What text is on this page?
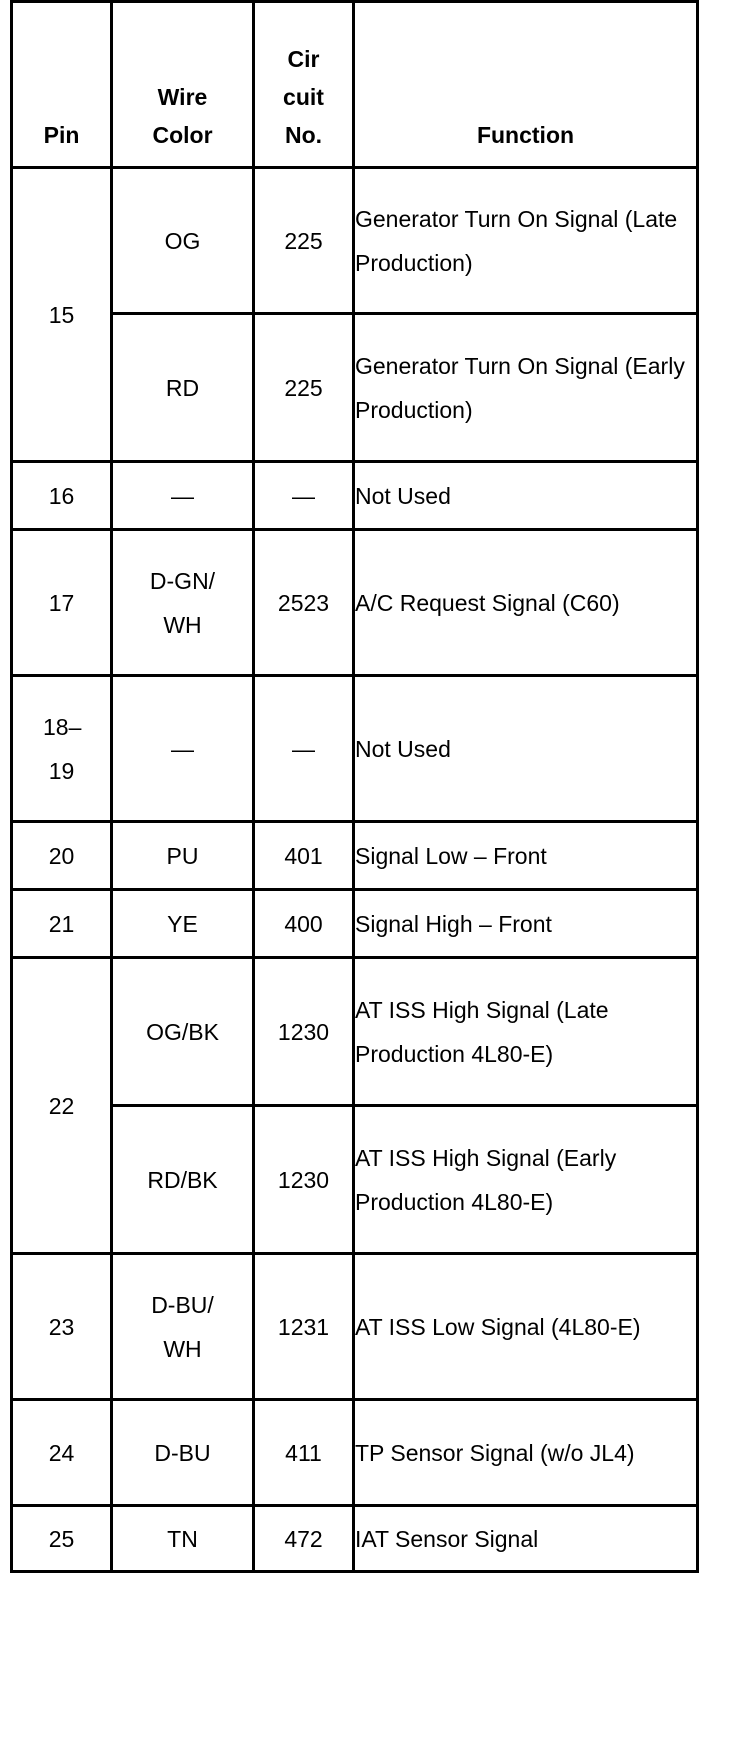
Pin	Wire Color	Cir cuit No.	Function
15	OG	225	Generator Turn On Signal (Late Production)
	RD	225	Generator Turn On Signal (Early Production)
16	—	—	Not Used
17	D-GN/ WH	2523	A/C Request Signal (C60)
18– 19	—	—	Not Used
20	PU	401	Signal Low – Front
21	YE	400	Signal High – Front
22	OG/BK	1230	AT ISS High Signal (Late Production 4L80-E)
	RD/BK	1230	AT ISS High Signal (Early Production 4L80-E)
23	D-BU/ WH	1231	AT ISS Low Signal (4L80-E)
24	D-BU	411	TP Sensor Signal (w/o JL4)
25	TN	472	IAT Sensor Signal
